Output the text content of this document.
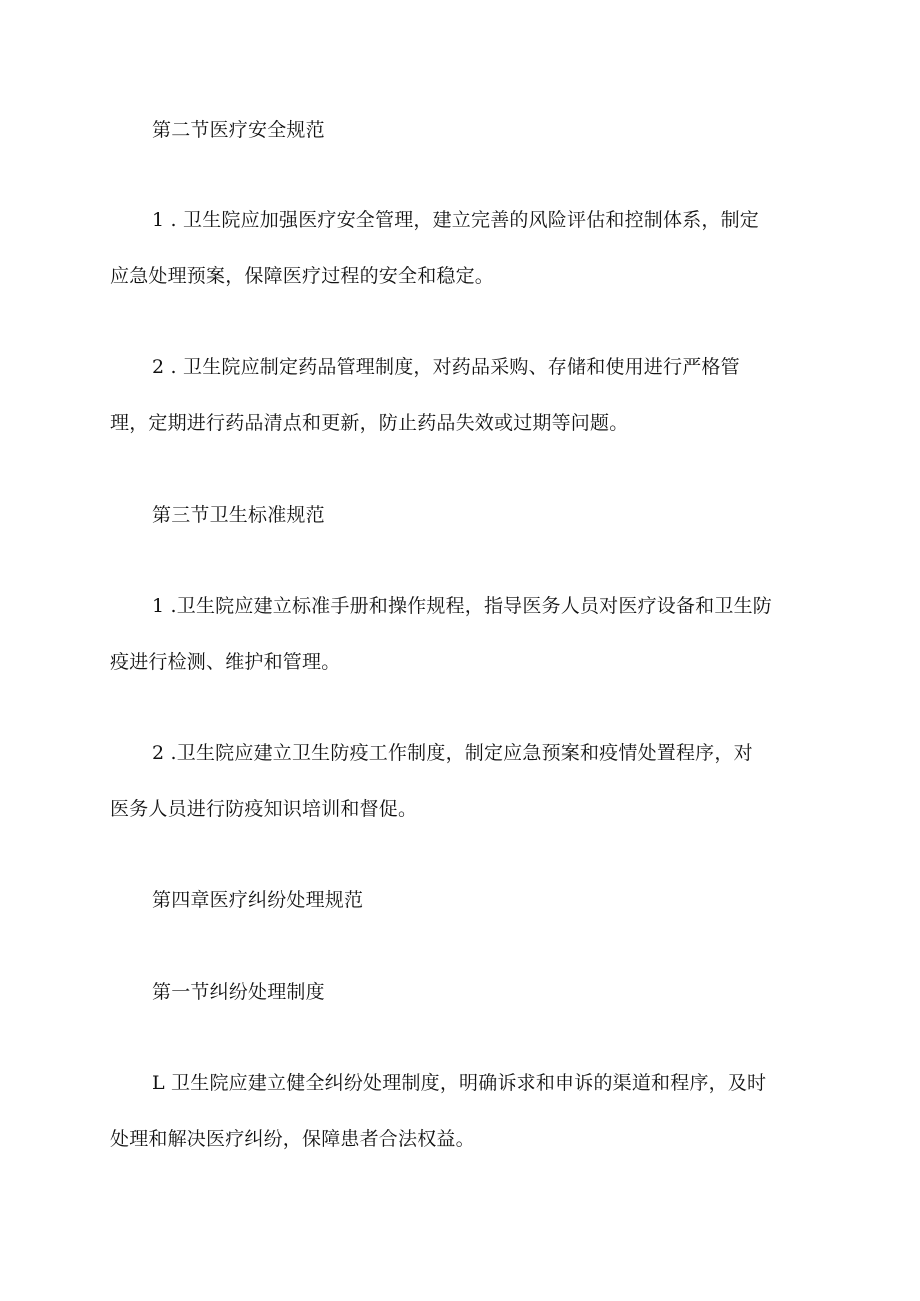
第二节医疗安全规范

1 . 卫生院应加强医疗安全管理，建立完善的风险评估和控制体系，制定

应急处理预案，保障医疗过程的安全和稳定。

2 . 卫生院应制定药品管理制度，对药品采购、存储和使用进行严格管

理，定期进行药品清点和更新，防止药品失效或过期等问题。

第三节卫生标准规范

1 .卫生院应建立标准手册和操作规程，指导医务人员对医疗设备和卫生防

疫进行检测、维护和管理。

2 .卫生院应建立卫生防疫工作制度，制定应急预案和疫情处置程序，对

医务人员进行防疫知识培训和督促。

第四章医疗纠纷处理规范

第一节纠纷处理制度

L 卫生院应建立健全纠纷处理制度，明确诉求和申诉的渠道和程序，及时

处理和解决医疗纠纷，保障患者合法权益。
